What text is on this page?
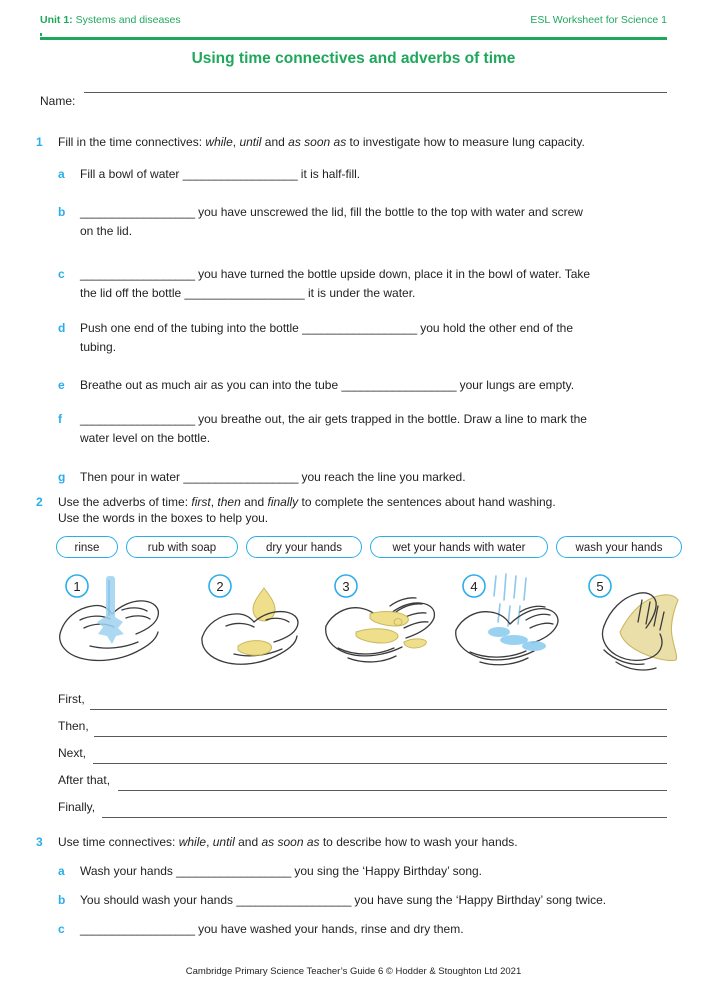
Unit 1: Systems and diseases	ESL Worksheet for Science 1
Using time connectives and adverbs of time
Name:
1	Fill in the time connectives: while, until and as soon as to investigate how to measure lung capacity.
a	Fill a bowl of water __________________ it is half-fill.
b	__________________ you have unscrewed the lid, fill the bottle to the top with water and screw
on the lid.
c	__________________ you have turned the bottle upside down, place it in the bowl of water. Take
the lid off the bottle __________________ it is under the water.
d	Push one end of the tubing into the bottle __________________ you hold the other end of the
tubing.
e	Breathe out as much air as you can into the tube __________________ your lungs are empty.
f	__________________ you breathe out, the air gets trapped in the bottle. Draw a line to mark the
water level on the bottle.
g	Then pour in water __________________ you reach the line you marked.
2	Use the adverbs of time: first, then and finally to complete the sentences about hand washing.
Use the words in the boxes to help you.
rinse	rub with soap	dry your hands	wet your hands with water	wash your hands
1	2	3	4	5
First,
Then,
Next,
After that,
Finally,
3	Use time connectives: while, until and as soon as to describe how to wash your hands.
a	Wash your hands __________________ you sing the ‘Happy Birthday’ song.
b	You should wash your hands __________________ you have sung the ‘Happy Birthday’ song twice.
c	__________________ you have washed your hands, rinse and dry them.
Cambridge Primary Science Teacher’s Guide 6 © Hodder & Stoughton Ltd 2021
